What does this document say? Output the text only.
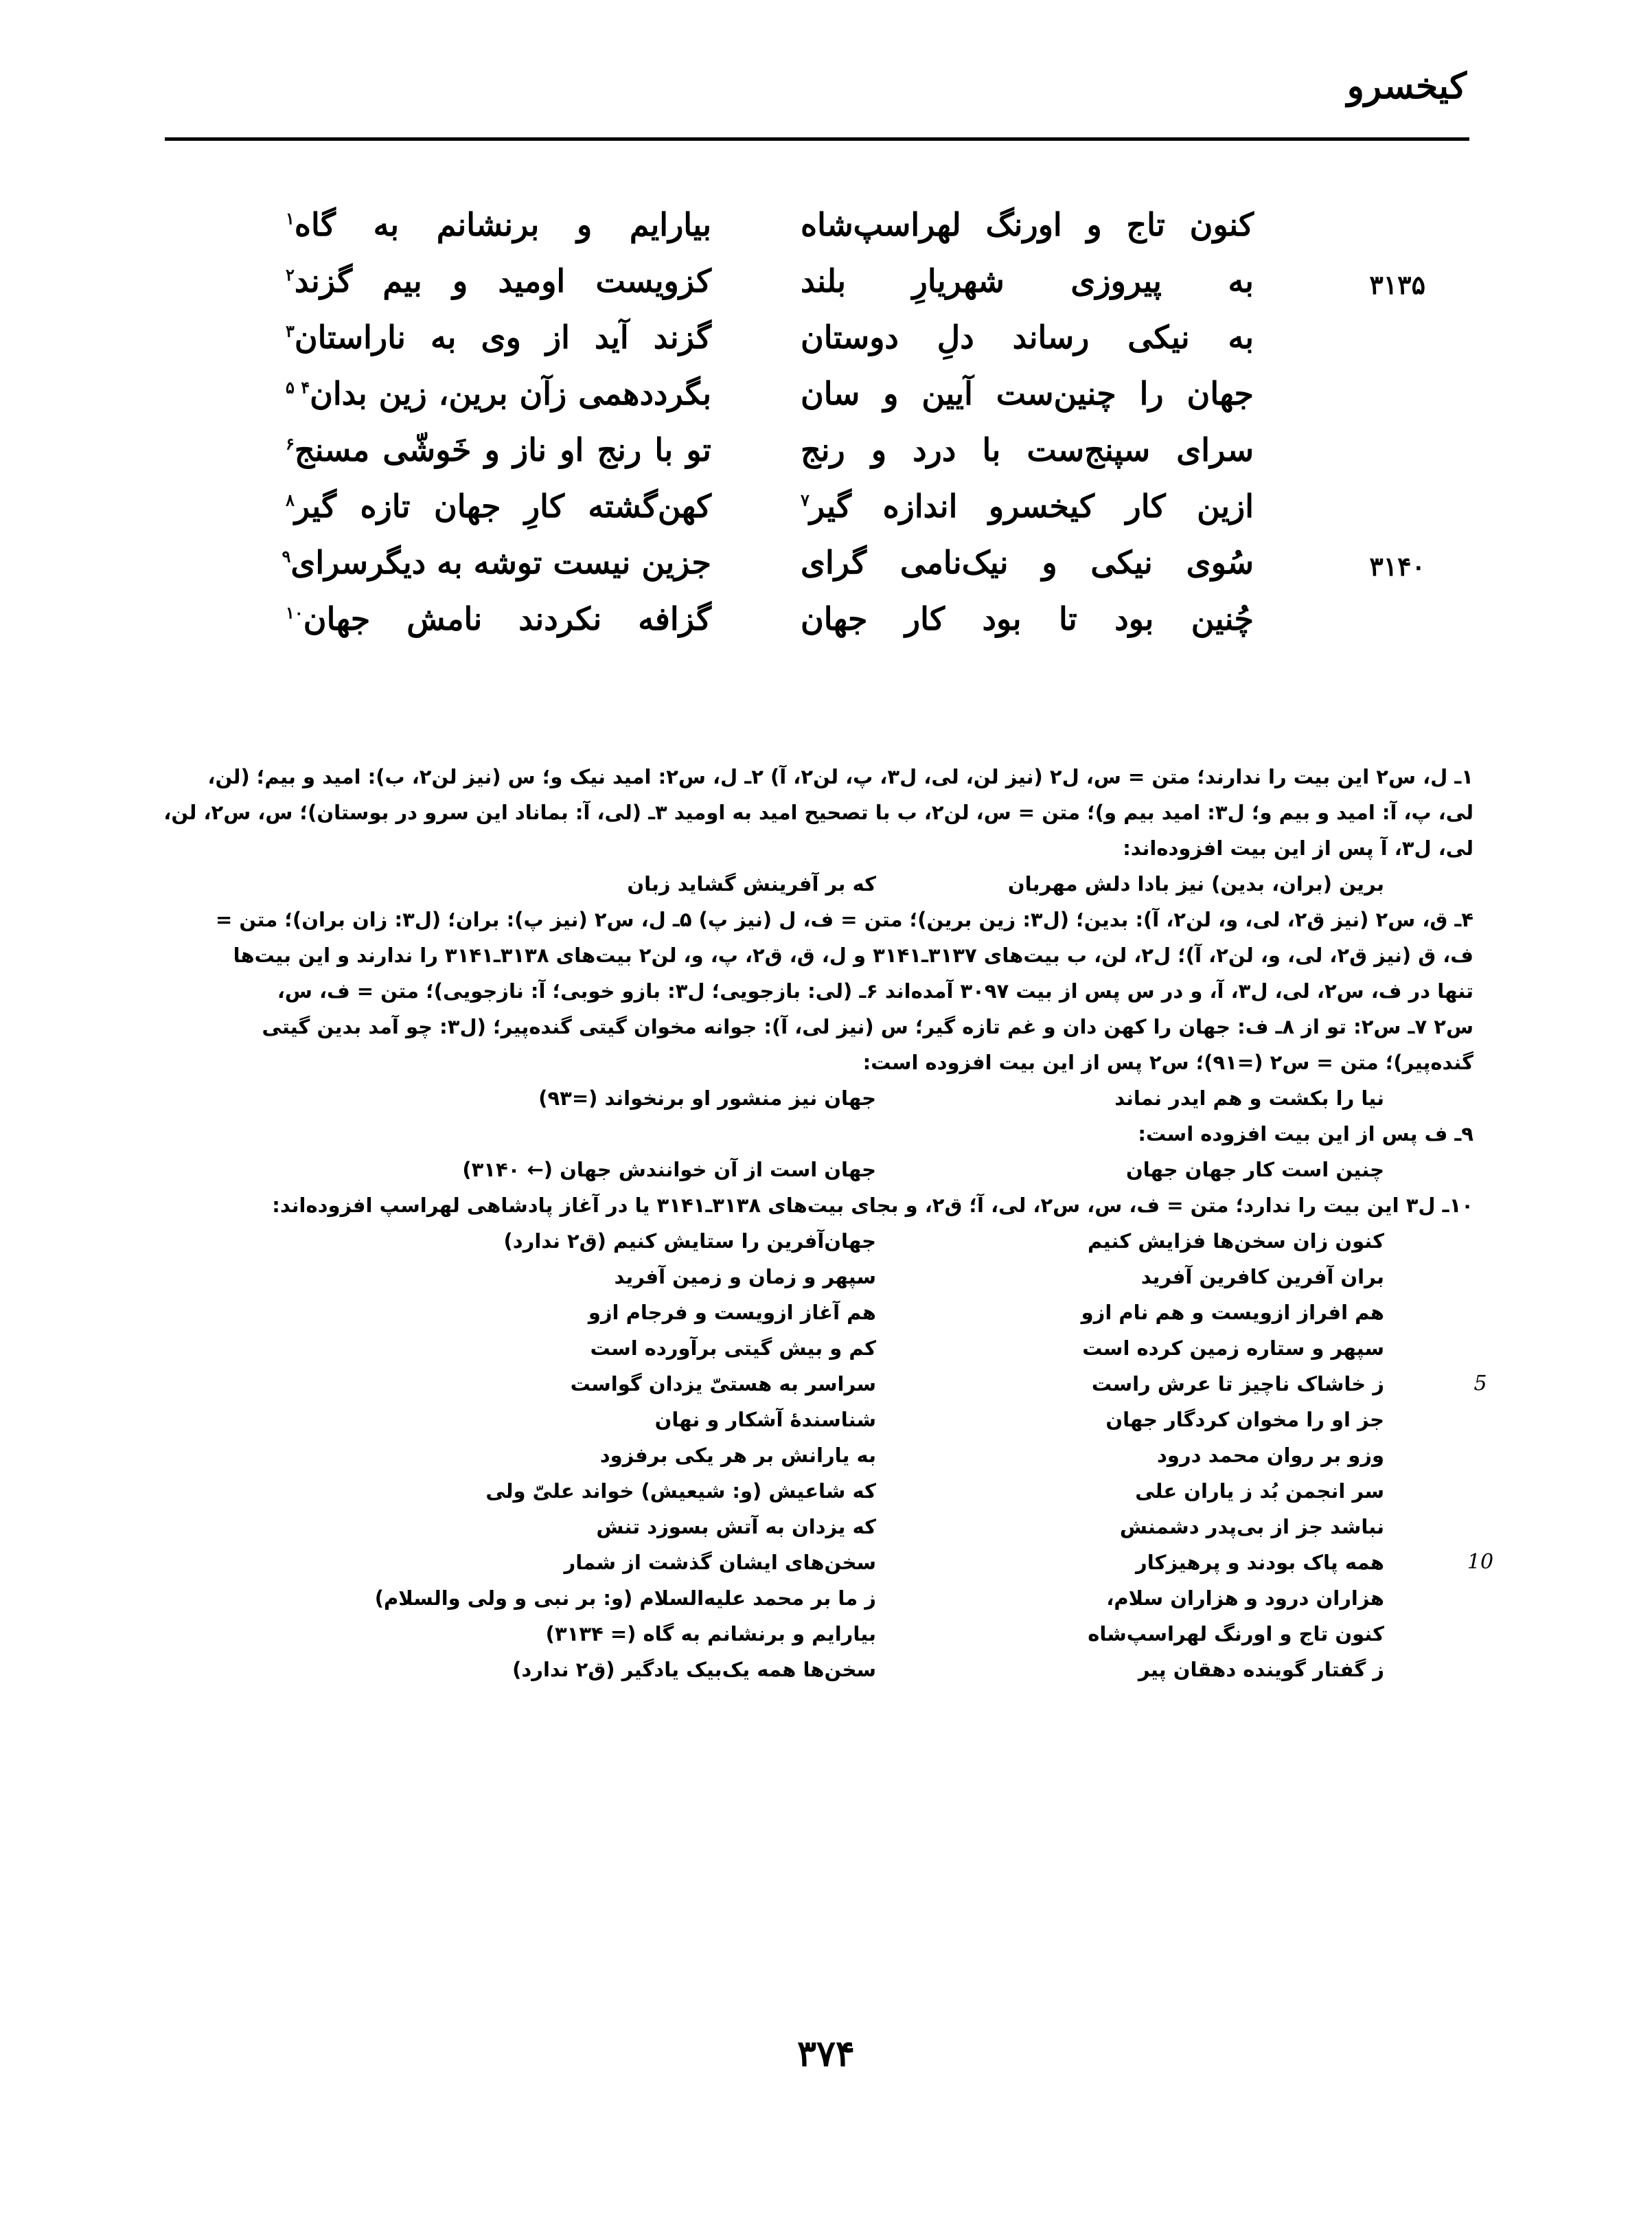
کیخسرو
کنون تاج و اورنگ لهراسپ‌شاه
بیارایم و برنشانم به گاه$^۱$
۳۱۳۵
به پیروزی شهریارِ بلند
کزویست اومید و بیم گزند$^۲$
به نیکی رساند دلِ دوستان
گزند آید از وی به ناراستان$^۳$
جهان را چنین‌ست آیین و سان
بگرددهمی زآن برین، زین بدان$^{۴ ۵}$
سرای سپنج‌ست با درد و رنج
تو با رنج او ناز و خَوشّی مسنج$^۶$
ازین کار کیخسرو اندازه گیر$^۷$
کهن‌گشته کارِ جهان تازه گیر$^۸$
۳۱۴۰
سُوی نیکی و نیک‌نامی گرای
جزین نیست توشه به دیگرسرای$^۹$
چُنین بود تا بود کار جهان
گزافه نکردند نامش جهان$^{۱۰}$
۱ـ ل، س۲ این بیت را ندارند؛ متن = س، ل۲ (نیز لن، لی، ل۳، پ، لن۲، آ) ۲ـ ل، س۲: امید نیک و؛ س (نیز لن۲، ب): امید و بیم؛ (لن،
لی، پ، آ: امید و بیم و؛ ل۳: امید بیم و)؛ متن = س، لن۲، ب با تصحیح امید به اومید ۳ـ (لی، آ: بماناد این سرو در بوستان)؛ س، س۲، لن،
لی، ل۳، آ پس از این بیت افزوده‌اند:
برین (بران، بدین) نیز بادا دلش مهربان
که بر آفرینش گشاید زبان
۴ـ ق، س۲ (نیز ق۲، لی، و، لن۲، آ): بدین؛ (ل۳: زین برین)؛ متن = ف، ل (نیز پ) ۵ـ ل، س۲ (نیز پ): بران؛ (ل۳: زان بران)؛ متن =
ف، ق (نیز ق۲، لی، و، لن۲، آ)؛ ل۲، لن، ب بیت‌های ۳۱۳۷ـ۳۱۴۱ و ل، ق، ق۲، پ، و، لن۲ بیت‌های ۳۱۳۸ـ۳۱۴۱ را ندارند و این بیت‌ها
تنها در ف، س۲، لی، ل۳، آ، و در س پس از بیت ۳۰۹۷ آمده‌اند ۶ـ (لی: بازجویی؛ ل۳: بازو خوبی؛ آ: نازجویی)؛ متن = ف، س،
س۲ ۷ـ س۲: تو از ۸ـ ف: جهان را کهن دان و غم تازه گیر؛ س (نیز لی، آ): جوانه مخوان گیتی گنده‌پیر؛ (ل۳: چو آمد بدین گیتی
گنده‌پیر)؛ متن = س۲ (=۹۱)؛ س۲ پس از این بیت افزوده است:
نیا را بکشت و هم ایدر نماند
جهان نیز منشور او برنخواند (=۹۳)
۹ـ ف پس از این بیت افزوده است:
چنین است کار جهان جهان
جهان است از آن خوانندش جهان (← ۳۱۴۰)
۱۰ـ ل۳ این بیت را ندارد؛ متن = ف، س، س۲، لی، آ؛ ق۲، و بجای بیت‌های ۳۱۳۸ـ۳۱۴۱ یا در آغاز پادشاهی لهراسپ افزوده‌اند:
کنون زان سخن‌ها فزایش کنیم
جهان‌آفرین را ستایش کنیم (ق۲ ندارد)
بران آفرین کافرین آفرید
سپهر و زمان و زمین آفرید
هم افراز ازویست و هم نام ازو
هم آغاز ازویست و فرجام ازو
سپهر و ستاره زمین کرده است
کم و بیش گیتی برآورده است
5
ز خاشاک ناچیز تا عرش راست
سراسر به هستیّ یزدان گواست
جز او را مخوان کردگار جهان
شناسندهٔ آشکار و نهان
وزو بر روان محمد درود
به یارانش بر هر یکی برفزود
سر انجمن بُد ز یاران علی
که شاعیش (و: شیعیش) خواند علیّ ولی
نباشد جز از بی‌پدر دشمنش
که یزدان به آتش بسوزد تنش
10
همه پاک بودند و پرهیزکار
سخن‌های ایشان گذشت از شمار
هزاران درود و هزاران سلام،
ز ما بر محمد علیه‌السلام (و: بر نبی و ولی والسلام)
کنون تاج و اورنگ لهراسپ‌شاه
بیارایم و برنشانم به گاه (= ۳۱۳۴)
ز گفتار گوینده دهقان پیر
سخن‌ها همه یک‌بیک یادگیر (ق۲ ندارد)
۳۷۴
